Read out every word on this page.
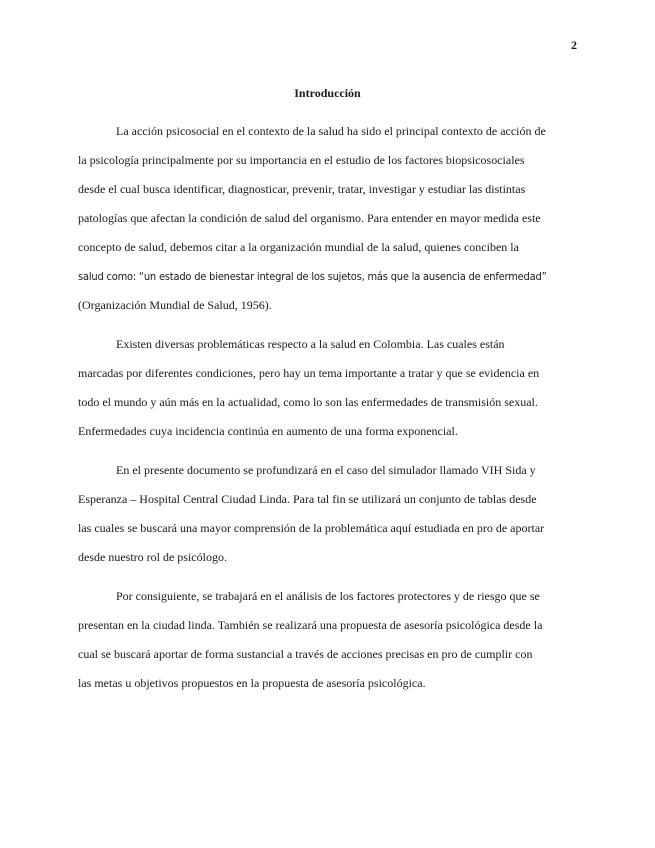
2
Introducción
La acción psicosocial en el contexto de la salud ha sido el principal contexto de acción de
la psicología principalmente por su importancia en el estudio de los factores biopsicosociales
desde el cual busca identificar, diagnosticar, prevenir, tratar, investigar y estudiar las distintas
patologías que afectan la condición de salud del organismo. Para entender en mayor medida este
concepto de salud, debemos citar a la organización mundial de la salud, quienes conciben la
salud como: “un estado de bienestar integral de los sujetos, más que la ausencia de enfermedad”
(Organización Mundial de Salud, 1956).
Existen diversas problemáticas respecto a la salud en Colombia. Las cuales están
marcadas por diferentes condiciones, pero hay un tema importante a tratar y que se evidencia en
todo el mundo y aún más en la actualidad, como lo son las enfermedades de transmisión sexual.
Enfermedades cuya incidencia continúa en aumento de una forma exponencial.
En el presente documento se profundizará en el caso del simulador llamado VIH Sida y
Esperanza – Hospital Central Ciudad Linda. Para tal fin se utilizará un conjunto de tablas desde
las cuales se buscará una mayor comprensión de la problemática aquí estudiada en pro de aportar
desde nuestro rol de psicólogo.
Por consiguiente, se trabajará en el análisis de los factores protectores y de riesgo que se
presentan en la ciudad linda. También se realizará una propuesta de asesoría psicológica desde la
cual se buscará aportar de forma sustancial a través de acciones precisas en pro de cumplir con
las metas u objetivos propuestos en la propuesta de asesoría psicológica.
